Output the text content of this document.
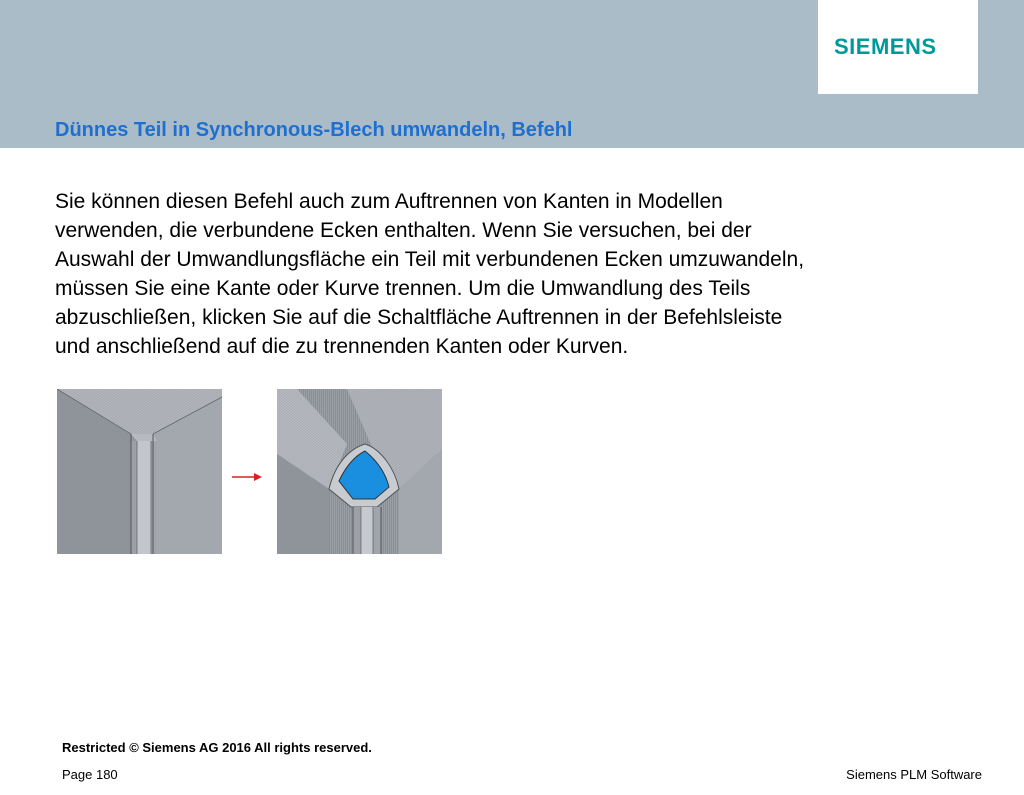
SIEMENS
Dünnes Teil in Synchronous-Blech umwandeln, Befehl
Sie können diesen Befehl auch zum Auftrennen von Kanten in Modellen
verwenden, die verbundene Ecken enthalten. Wenn Sie versuchen, bei der
Auswahl der Umwandlungsfläche ein Teil mit verbundenen Ecken umzuwandeln,
müssen Sie eine Kante oder Kurve trennen. Um die Umwandlung des Teils
abzuschließen, klicken Sie auf die Schaltfläche Auftrennen in der Befehlsleiste
und anschließend auf die zu trennenden Kanten oder Kurven.
Restricted © Siemens AG 2016 All rights reserved.
Page 180	Siemens PLM Software
